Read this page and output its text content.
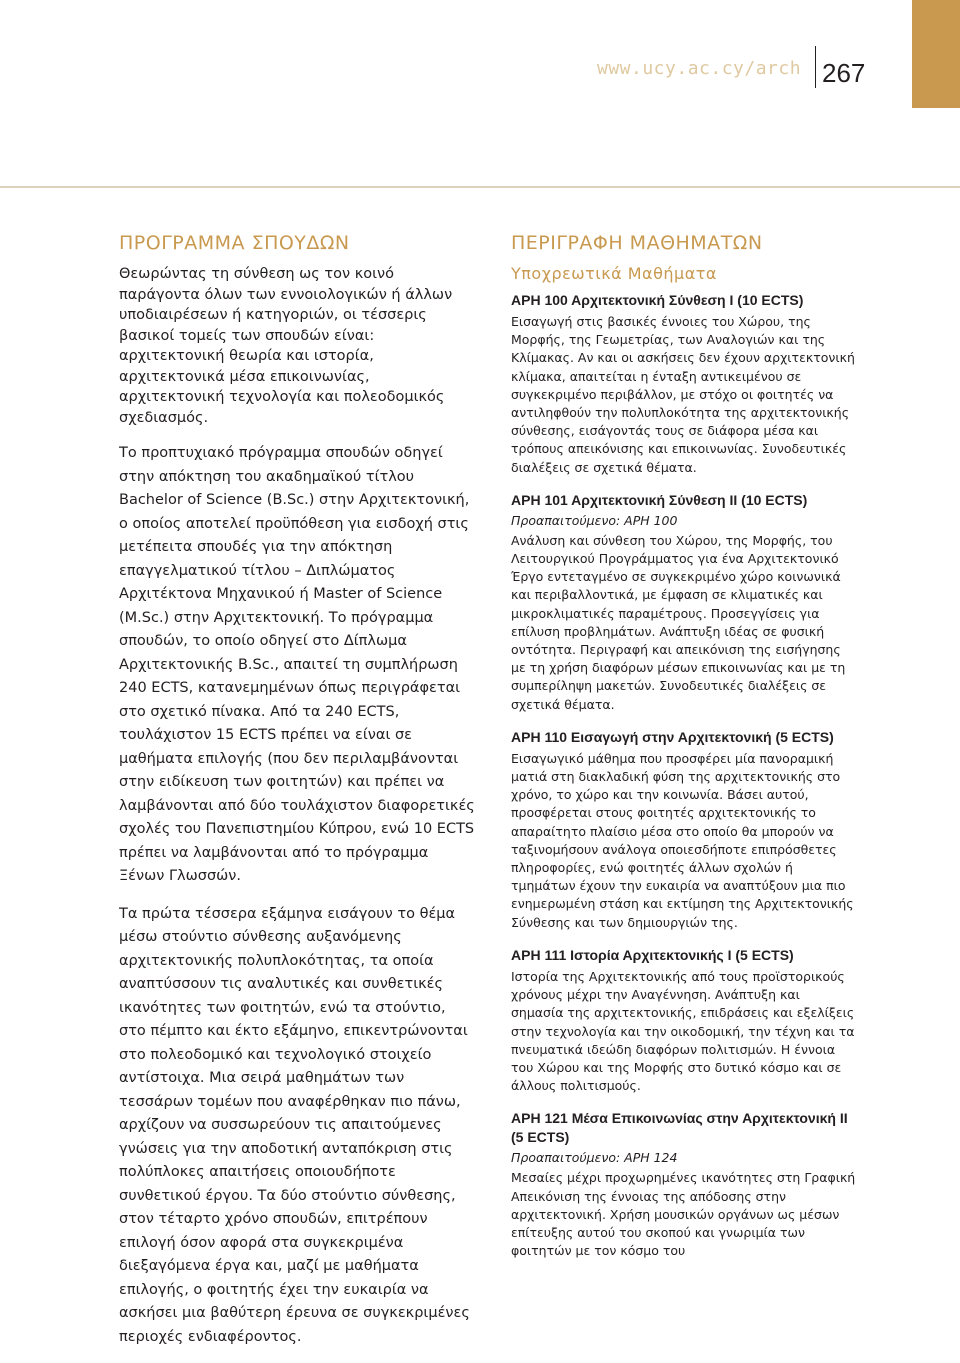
www.ucy.ac.cy/arch 267
ΠΡΟΓΡΑΜΜΑ ΣΠΟΥΔΩΝ

Θεωρώντας τη σύνθεση ως τον κοινό παράγοντα όλων των εννοιολογικών ή άλλων υποδιαιρέσεων ή κατηγοριών, οι τέσσερις βασικοί τομείς των σπουδών είναι: αρχιτεκτονική θεωρία και ιστορία, αρχιτεκτονικά μέσα επικοινωνίας, αρχιτεκτονική τεχνολογία και πολεοδομικός σχεδιασμός.

Το προπτυχιακό πρόγραμμα σπουδών οδηγεί στην απόκτηση του ακαδημαϊκού τίτλου Bachelor of Science (B.Sc.) στην Αρχιτεκτονική, ο οποίος αποτελεί προϋπόθεση για εισδοχή στις μετέπειτα σπουδές για την απόκτηση επαγγελματικού τίτλου – Διπλώματος Αρχιτέκτονα Μηχανικού ή Master of Science (M.Sc.) στην Αρχιτεκτονική. Το πρόγραμμα σπουδών, το οποίο οδηγεί στο Δίπλωμα Αρχιτεκτονικής B.Sc., απαιτεί τη συμπλήρωση 240 ECTS, κατανεμημένων όπως περιγράφεται στο σχετικό πίνακα. Από τα 240 ECTS, τουλάχιστον 15 ECTS πρέπει να είναι σε μαθήματα επιλογής (που δεν περιλαμβάνονται στην ειδίκευση των φοιτητών) και πρέπει να λαμβάνονται από δύο τουλάχιστον διαφορετικές σχολές του Πανεπιστημίου Κύπρου, ενώ 10 ECTS πρέπει να λαμβάνονται από το πρόγραμμα Ξένων Γλωσσών.

Τα πρώτα τέσσερα εξάμηνα εισάγουν το θέμα μέσω στούντιο σύνθεσης αυξανόμενης αρχιτεκτονικής πολυπλοκότητας, τα οποία αναπτύσσουν τις αναλυτικές και συνθετικές ικανότητες των φοιτητών, ενώ τα στούντιο, στο πέμπτο και έκτο εξάμηνο, επικεντρώνονται στο πολεοδομικό και τεχνολογικό στοιχείο αντίστοιχα. Μια σειρά μαθημάτων των τεσσάρων τομέων που αναφέρθηκαν πιο πάνω, αρχίζουν να συσσωρεύουν τις απαιτούμενες γνώσεις για την αποδοτική ανταπόκριση στις πολύπλοκες απαιτήσεις οποιουδήποτε συνθετικού έργου. Τα δύο στούντιο σύνθεσης, στον τέταρτο χρόνο σπουδών, επιτρέπουν επιλογή όσον αφορά στα συγκεκριμένα διεξαγόμενα έργα και, μαζί με μαθήματα επιλογής, ο φοιτητής έχει την ευκαιρία να ασκήσει μια βαθύτερη έρευνα σε συγκεκριμένες περιοχές ενδιαφέροντος.

ΠΕΡΙΓΡΑΦΗ ΜΑΘΗΜΑΤΩΝ
Υποχρεωτικά Μαθήματα
ΑΡΗ 100 Αρχιτεκτονική Σύνθεση Ι (10 ECTS)

Εισαγωγή στις βασικές έννοιες του Χώρου, της Μορφής, της Γεωμετρίας, των Αναλογιών και της Κλίμακας. Αν και οι ασκήσεις δεν έχουν αρχιτεκτονική κλίμακα, απαιτείται η ένταξη αντικειμένου σε συγκεκριμένο περιβάλλον, με στόχο οι φοιτητές να αντιληφθούν την πολυπλοκότητα της αρχιτεκτονικής σύνθεσης, εισάγοντάς τους σε διάφορα μέσα και τρόπους απεικόνισης και επικοινωνίας. Συνοδευτικές διαλέξεις σε σχετικά θέματα.

ΑΡΗ 101 Αρχιτεκτονική Σύνθεση ΙΙ (10 ECTS)
Προαπαιτούμενο: ΑΡΗ 100

Ανάλυση και σύνθεση του Χώρου, της Μορφής, του Λειτουργικού Προγράμματος για ένα Αρχιτεκτονικό Έργο εντεταγμένο σε συγκεκριμένο χώρο κοινωνικά και περιβαλλοντικά, με έμφαση σε κλιματικές και μικροκλιματικές παραμέτρους. Προσεγγίσεις για επίλυση προβλημάτων. Ανάπτυξη ιδέας σε φυσική οντότητα. Περιγραφή και απεικόνιση της εισήγησης με τη χρήση διαφόρων μέσων επικοινωνίας και με τη συμπερίληψη μακετών. Συνοδευτικές διαλέξεις σε σχετικά θέματα.

ΑΡΗ 110 Εισαγωγή στην Αρχιτεκτονική (5 ECTS)

Εισαγωγικό μάθημα που προσφέρει μία πανοραμική ματιά στη διακλαδική φύση της αρχιτεκτονικής στο χρόνο, το χώρο και την κοινωνία. Βάσει αυτού, προσφέρεται στους φοιτητές αρχιτεκτονικής το απαραίτητο πλαίσιο μέσα στο οποίο θα μπορούν να ταξινομήσουν ανάλογα οποιεσδήποτε επιπρόσθετες πληροφορίες, ενώ φοιτητές άλλων σχολών ή τμημάτων έχουν την ευκαιρία να αναπτύξουν μια πιο ενημερωμένη στάση και εκτίμηση της Αρχιτεκτονικής Σύνθεσης και των δημιουργιών της.

ΑΡΗ 111 Ιστορία Αρχιτεκτονικής Ι (5 ECTS)

Ιστορία της Αρχιτεκτονικής από τους προϊστορικούς χρόνους μέχρι την Αναγέννηση. Ανάπτυξη και σημασία της αρχιτεκτονικής, επιδράσεις και εξελίξεις στην τεχνολογία και την οικοδομική, την τέχνη και τα πνευματικά ιδεώδη διαφόρων πολιτισμών. Η έννοια του Χώρου και της Μορφής στο δυτικό κόσμο και σε άλλους πολιτισμούς.

ΑΡΗ 121 Μέσα Επικοινωνίας στην Αρχιτεκτονική ΙΙ (5 ECTS)
Προαπαιτούμενο: ΑΡΗ 124

Μεσαίες μέχρι προχωρημένες ικανότητες στη Γραφική Απεικόνιση της έννοιας της απόδοσης στην αρχιτεκτονική. Χρήση μουσικών οργάνων ως μέσων επίτευξης αυτού του σκοπού και γνωριμία των φοιτητών με τον κόσμο του
